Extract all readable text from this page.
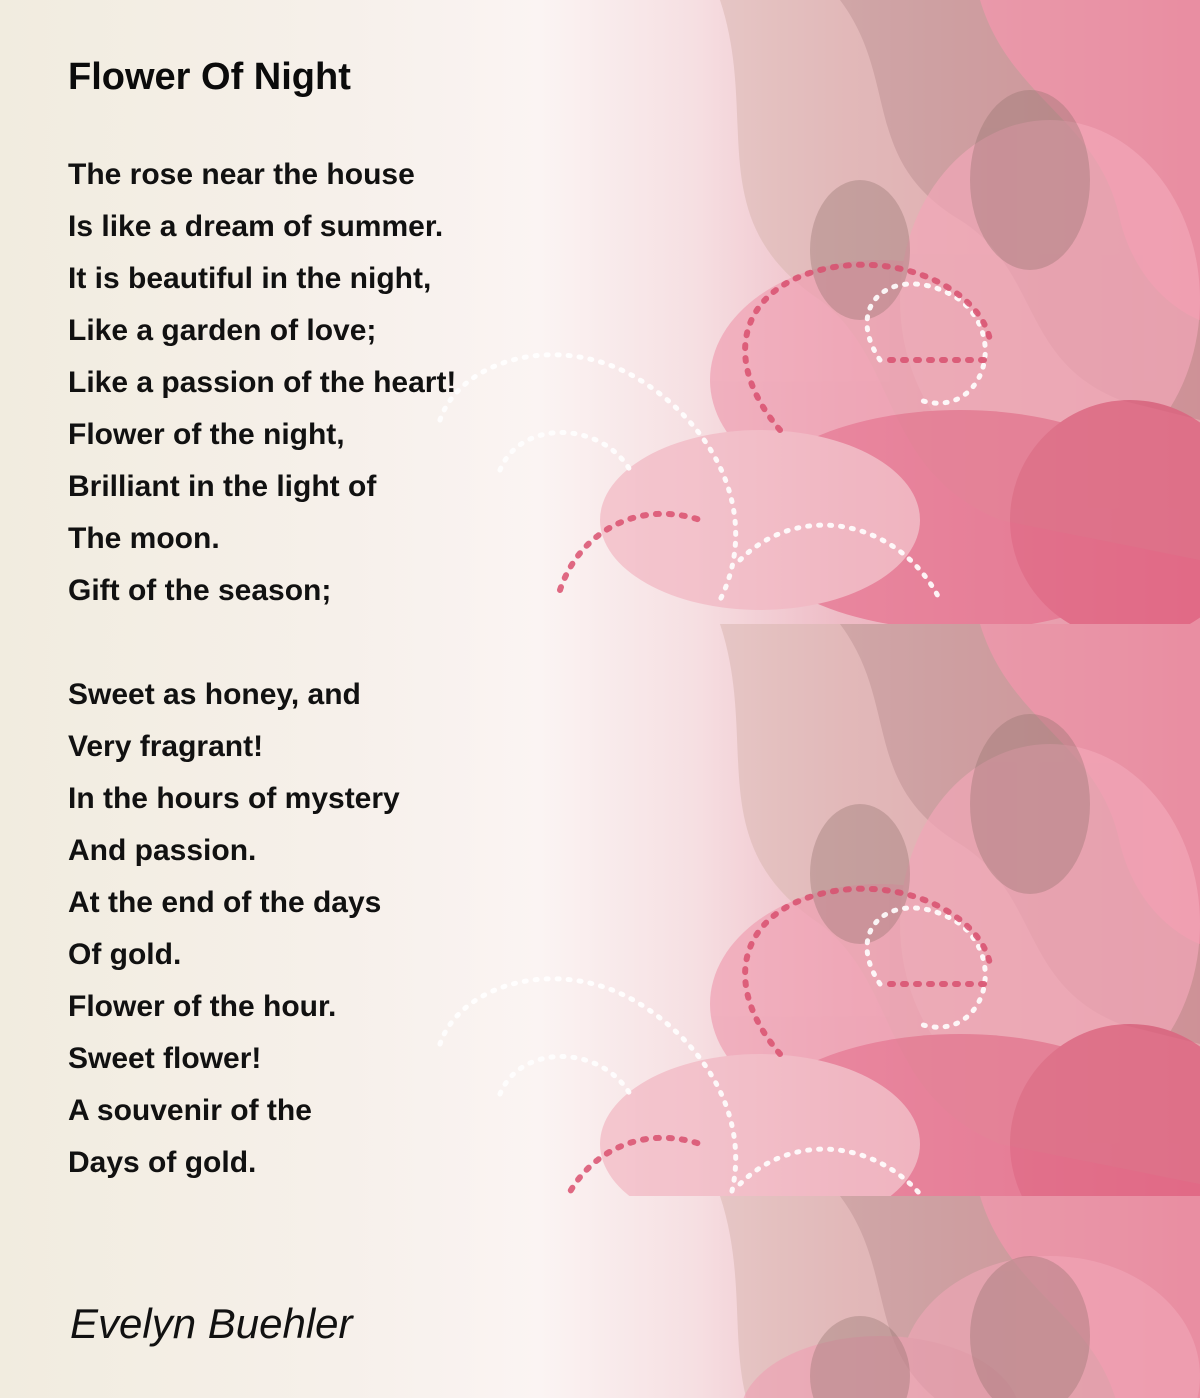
Flower Of Night
The rose near the house
Is like a dream of summer.
It is beautiful in the night,
Like a garden of love;
Like a passion of the heart!
Flower of the night,
Brilliant in the light of
The moon.
Gift of the season;
Sweet as honey, and
Very fragrant!
In the hours of mystery
And passion.
At the end of the days
Of gold.
Flower of the hour.
Sweet flower!
A souvenir of the
Days of gold.

Evelyn Buehler
